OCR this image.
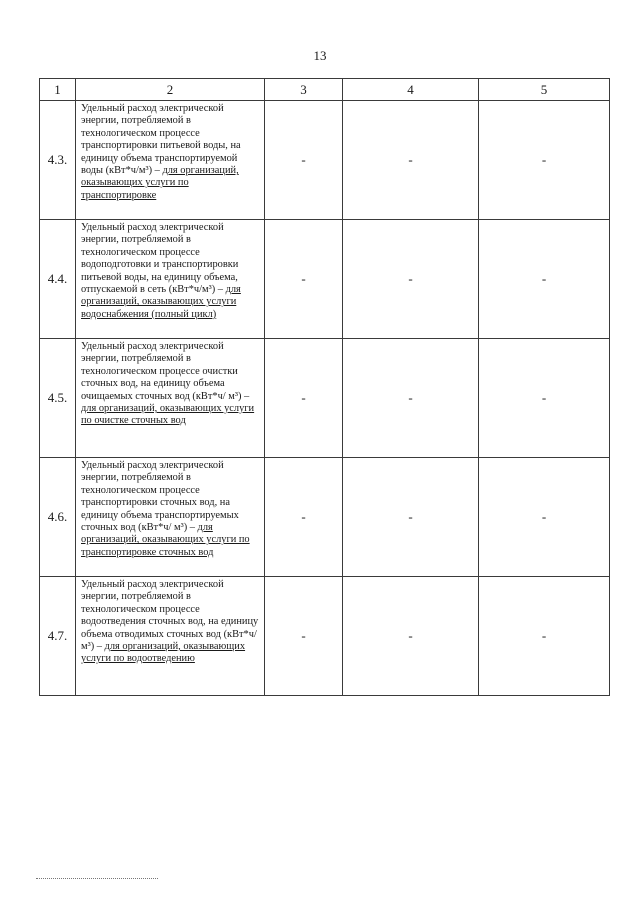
13
1	2	3	4	5
4.3.	Удельный расход электрической энергии, потребляемой в технологическом процессе транспортировки питьевой воды, на единицу объема транспортируемой воды (кВт*ч/м³) – для организаций, оказывающих услуги по транспортировке	-	-	-
4.4.	Удельный расход электрической энергии, потребляемой в технологическом процессе водоподготовки и транспортировки питьевой воды, на единицу объема, отпускаемой в сеть (кВт*ч/м³) – для организаций, оказывающих услуги водоснабжения (полный цикл)	-	-	-
4.5.	Удельный расход электрической энергии, потребляемой в технологическом процессе очистки сточных вод, на единицу объема очищаемых сточных вод (кВт*ч/ м³) – для организаций, оказывающих услуги по очистке сточных вод	-	-	-
4.6.	Удельный расход электрической энергии, потребляемой в технологическом процессе транспортировки сточных вод, на единицу объема транспортируемых сточных вод (кВт*ч/ м³) – для организаций, оказывающих услуги по транспортировке сточных вод	-	-	-
4.7.	Удельный расход электрической энергии, потребляемой в технологическом процессе водоотведения сточных вод, на единицу объема отводимых сточных вод (кВт*ч/ м³) – для организаций, оказывающих услуги по водоотведению	-	-	-
